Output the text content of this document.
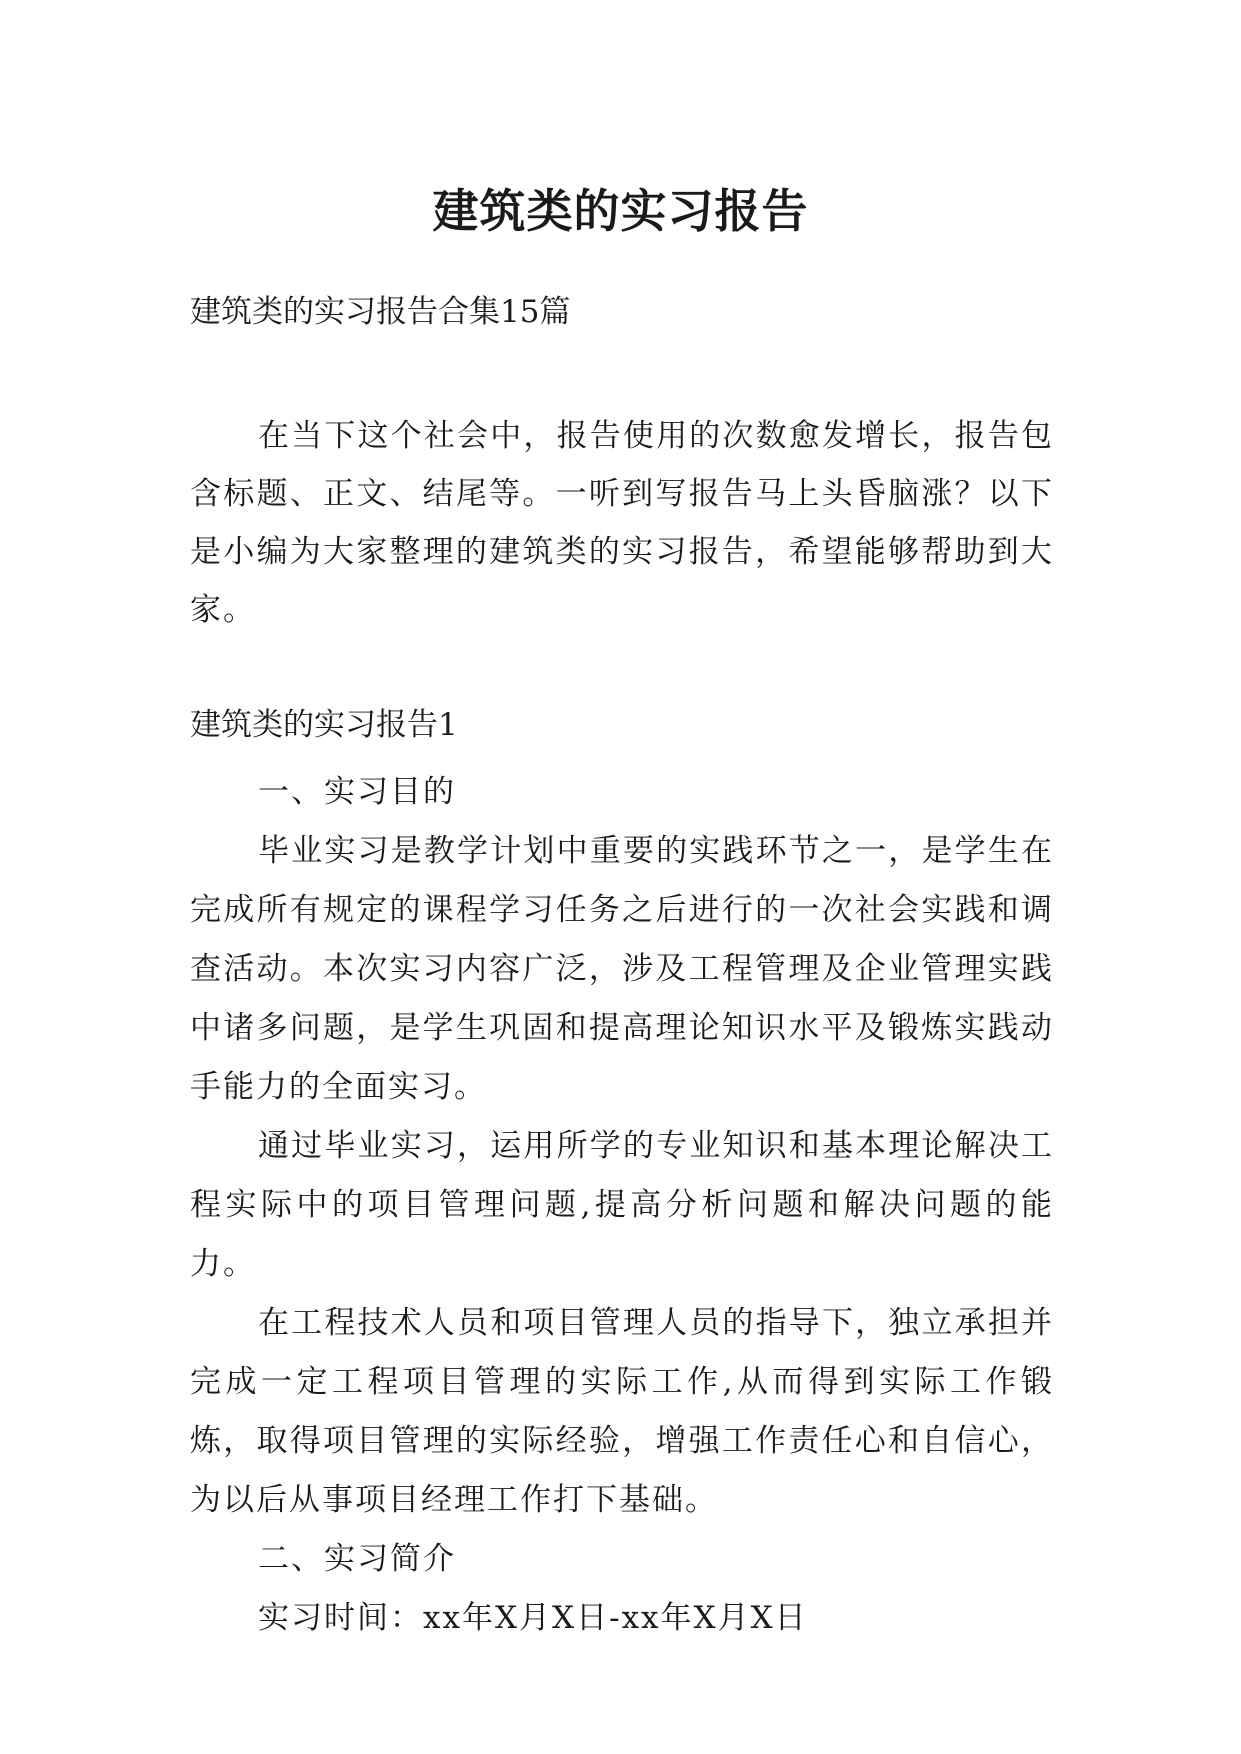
建筑类的实习报告

建筑类的实习报告合集15篇

在当下这个社会中，报告使用的次数愈发增长，报告包含标题、正文、结尾等。一听到写报告马上头昏脑涨？以下是小编为大家整理的建筑类的实习报告，希望能够帮助到大家。

建筑类的实习报告1

一、实习目的

毕业实习是教学计划中重要的实践环节之一，是学生在完成所有规定的课程学习任务之后进行的一次社会实践和调查活动。本次实习内容广泛，涉及工程管理及企业管理实践中诸多问题，是学生巩固和提高理论知识水平及锻炼实践动手能力的全面实习。

通过毕业实习，运用所学的专业知识和基本理论解决工程实际中的项目管理问题,提高分析问题和解决问题的能力。

在工程技术人员和项目管理人员的指导下，独立承担并完成一定工程项目管理的实际工作,从而得到实际工作锻炼，取得项目管理的实际经验，增强工作责任心和自信心，为以后从事项目经理工作打下基础。

二、实习简介

实习时间：xx年X月X日-xx年X月X日
